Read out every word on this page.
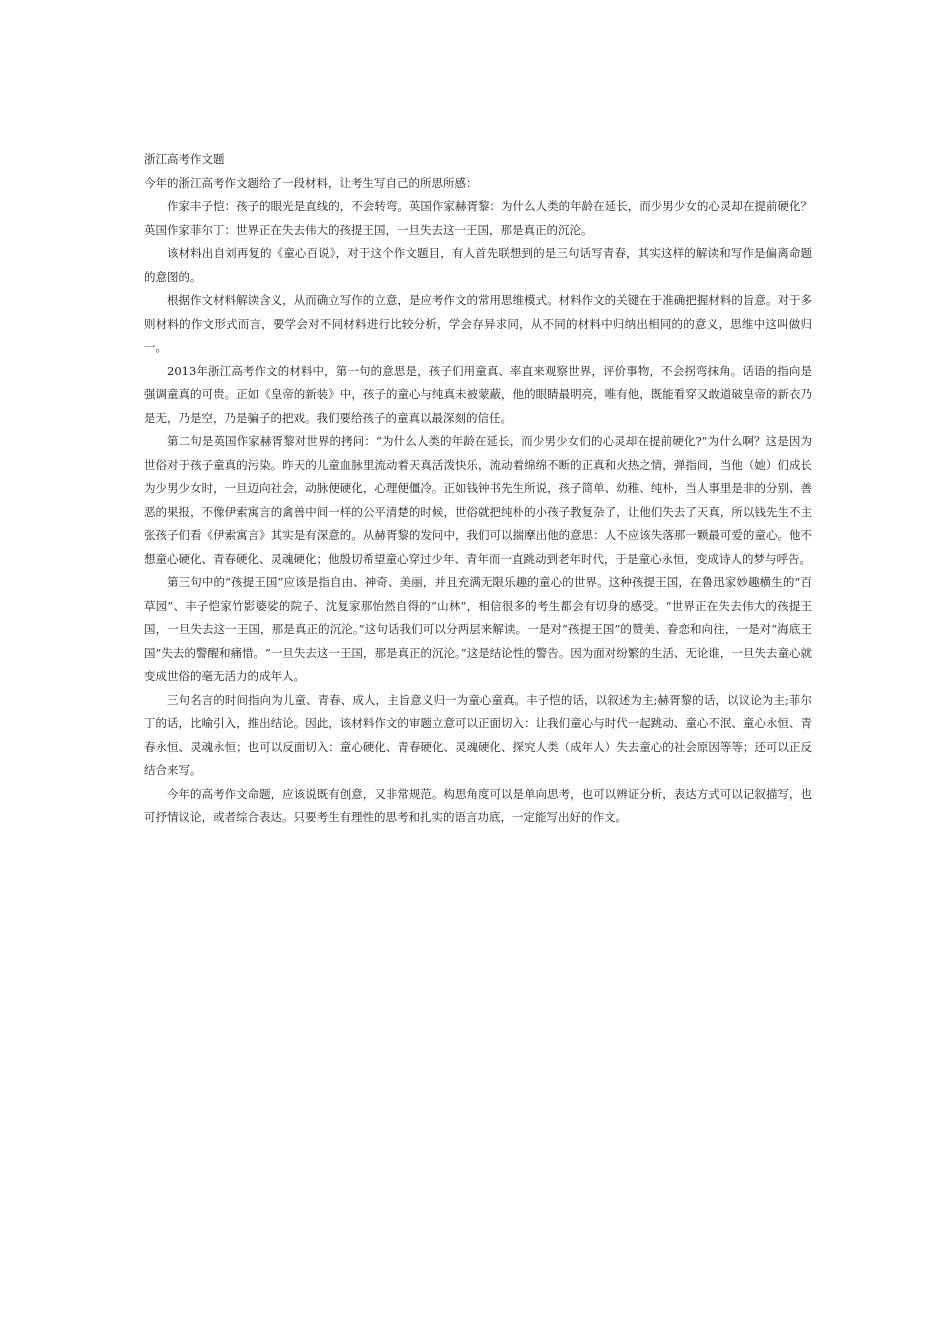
浙江高考作文题

今年的浙江高考作文题给了一段材料，让考生写自己的所思所感：

作家丰子恺：孩子的眼光是直线的，不会转弯。英国作家赫胥黎：为什么人类的年龄在延长，而少男少女的心灵却在提前硬化？英国作家菲尔丁：世界正在失去伟大的孩提王国，一旦失去这一王国，那是真正的沉沦。

该材料出自刘再复的《童心百说》，对于这个作文题目，有人首先联想到的是三句话写青春，其实这样的解读和写作是偏离命题的意图的。

根据作文材料解读含义，从而确立写作的立意，是应考作文的常用思维模式。材料作文的关键在于准确把握材料的旨意。对于多则材料的作文形式而言，要学会对不同材料进行比较分析，学会存异求同，从不同的材料中归纳出相同的的意义，思维中这叫做归一。

2013年浙江高考作文的材料中，第一句的意思是，孩子们用童真、率直来观察世界，评价事物，不会拐弯抹角。话语的指向是强调童真的可贵。正如《皇帝的新装》中，孩子的童心与纯真未被蒙蔽，他的眼睛最明亮，唯有他，既能看穿又敢道破皇帝的新衣乃是无，乃是空，乃是骗子的把戏。我们要给孩子的童真以最深刻的信任。

第二句是英国作家赫胥黎对世界的拷问：“为什么人类的年龄在延长，而少男少女们的心灵却在提前硬化?”为什么啊？这是因为世俗对于孩子童真的污染。昨天的儿童血脉里流动着天真活泼快乐，流动着绵绵不断的正真和火热之情，弹指间，当他（她）们成长为少男少女时，一旦迈向社会，动脉便硬化，心理便僵冷。正如钱钟书先生所说，孩子简单、幼稚、纯朴，当人事里是非的分别、善恶的果报，不像伊索寓言的禽兽中间一样的公平清楚的时候，世俗就把纯朴的小孩子教复杂了，让他们失去了天真，所以钱先生不主张孩子们看《伊索寓言》其实是有深意的。从赫胥黎的发问中，我们可以揣摩出他的意思：人不应该失落那一颗最可爱的童心。他不想童心硬化、青春硬化、灵魂硬化；他殷切希望童心穿过少年、青年而一直跳动到老年时代，于是童心永恒，变成诗人的梦与呼告。

第三句中的“孩提王国”应该是指自由、神奇、美丽，并且充满无限乐趣的童心的世界。这种孩提王国，在鲁迅家妙趣横生的“百草园”、丰子恺家竹影婆娑的院子、沈复家那怡然自得的“山林”，相信很多的考生都会有切身的感受。“世界正在失去伟大的孩提王国，一旦失去这一王国，那是真正的沉沦。”这句话我们可以分两层来解读。一是对“孩提王国”的赞美、眷恋和向往，一是对“海底王国”失去的警醒和痛惜。“一旦失去这一王国，那是真正的沉沦。”这是结论性的警告。因为面对纷繁的生活、无论谁，一旦失去童心就变成世俗的毫无活力的成年人。

三句名言的时间指向为儿童、青春、成人，主旨意义归一为童心童真。丰子恺的话，以叙述为主;赫胥黎的话，以议论为主;菲尔丁的话，比喻引入，推出结论。因此，该材料作文的审题立意可以正面切入：让我们童心与时代一起跳动、童心不泯、童心永恒、青春永恒、灵魂永恒；也可以反面切入：童心硬化、青春硬化、灵魂硬化、探究人类（成年人）失去童心的社会原因等等；还可以正反结合来写。

今年的高考作文命题，应该说既有创意，又非常规范。构思角度可以是单向思考，也可以辨证分析，表达方式可以记叙描写，也可抒情议论，或者综合表达。只要考生有理性的思考和扎实的语言功底，一定能写出好的作文。
